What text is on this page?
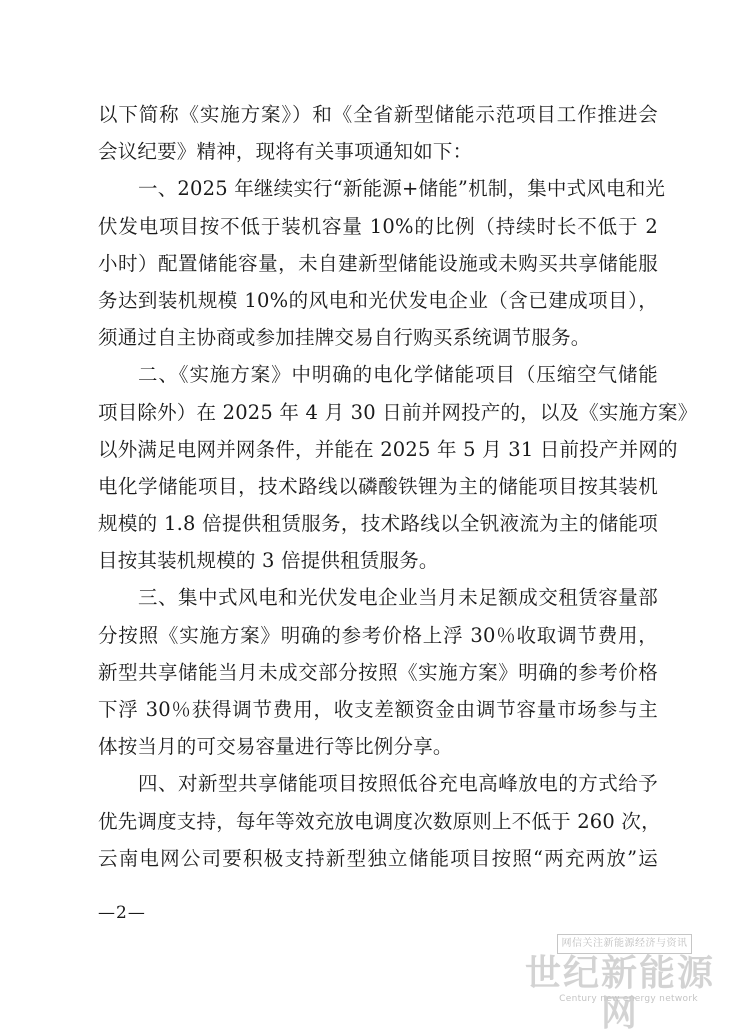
以下简称《实施方案》）和《全省新型储能示范项目工作推进会
会议纪要》精神，现将有关事项通知如下：
一、2025 年继续实行“新能源+储能”机制，集中式风电和光
伏发电项目按不低于装机容量 10%的比例（持续时长不低于 2
小时）配置储能容量，未自建新型储能设施或未购买共享储能服
务达到装机规模 10%的风电和光伏发电企业（含已建成项目），
须通过自主协商或参加挂牌交易自行购买系统调节服务。
二、《实施方案》中明确的电化学储能项目（压缩空气储能
项目除外）在 2025 年 4 月 30 日前并网投产的，以及《实施方案》
以外满足电网并网条件，并能在 2025 年 5 月 31 日前投产并网的
电化学储能项目，技术路线以磷酸铁锂为主的储能项目按其装机
规模的 1.8 倍提供租赁服务，技术路线以全钒液流为主的储能项
目按其装机规模的 3 倍提供租赁服务。
三、集中式风电和光伏发电企业当月未足额成交租赁容量部
分按照《实施方案》明确的参考价格上浮 30％收取调节费用，
新型共享储能当月未成交部分按照《实施方案》明确的参考价格
下浮 30％获得调节费用，收支差额资金由调节容量市场参与主
体按当月的可交易容量进行等比例分享。
四、对新型共享储能项目按照低谷充电高峰放电的方式给予
优先调度支持，每年等效充放电调度次数原则上不低于 260 次，
云南电网公司要积极支持新型独立储能项目按照“两充两放”运
—2—
网信关注新能源经济与资讯
世纪新能源网
Century new energy network
